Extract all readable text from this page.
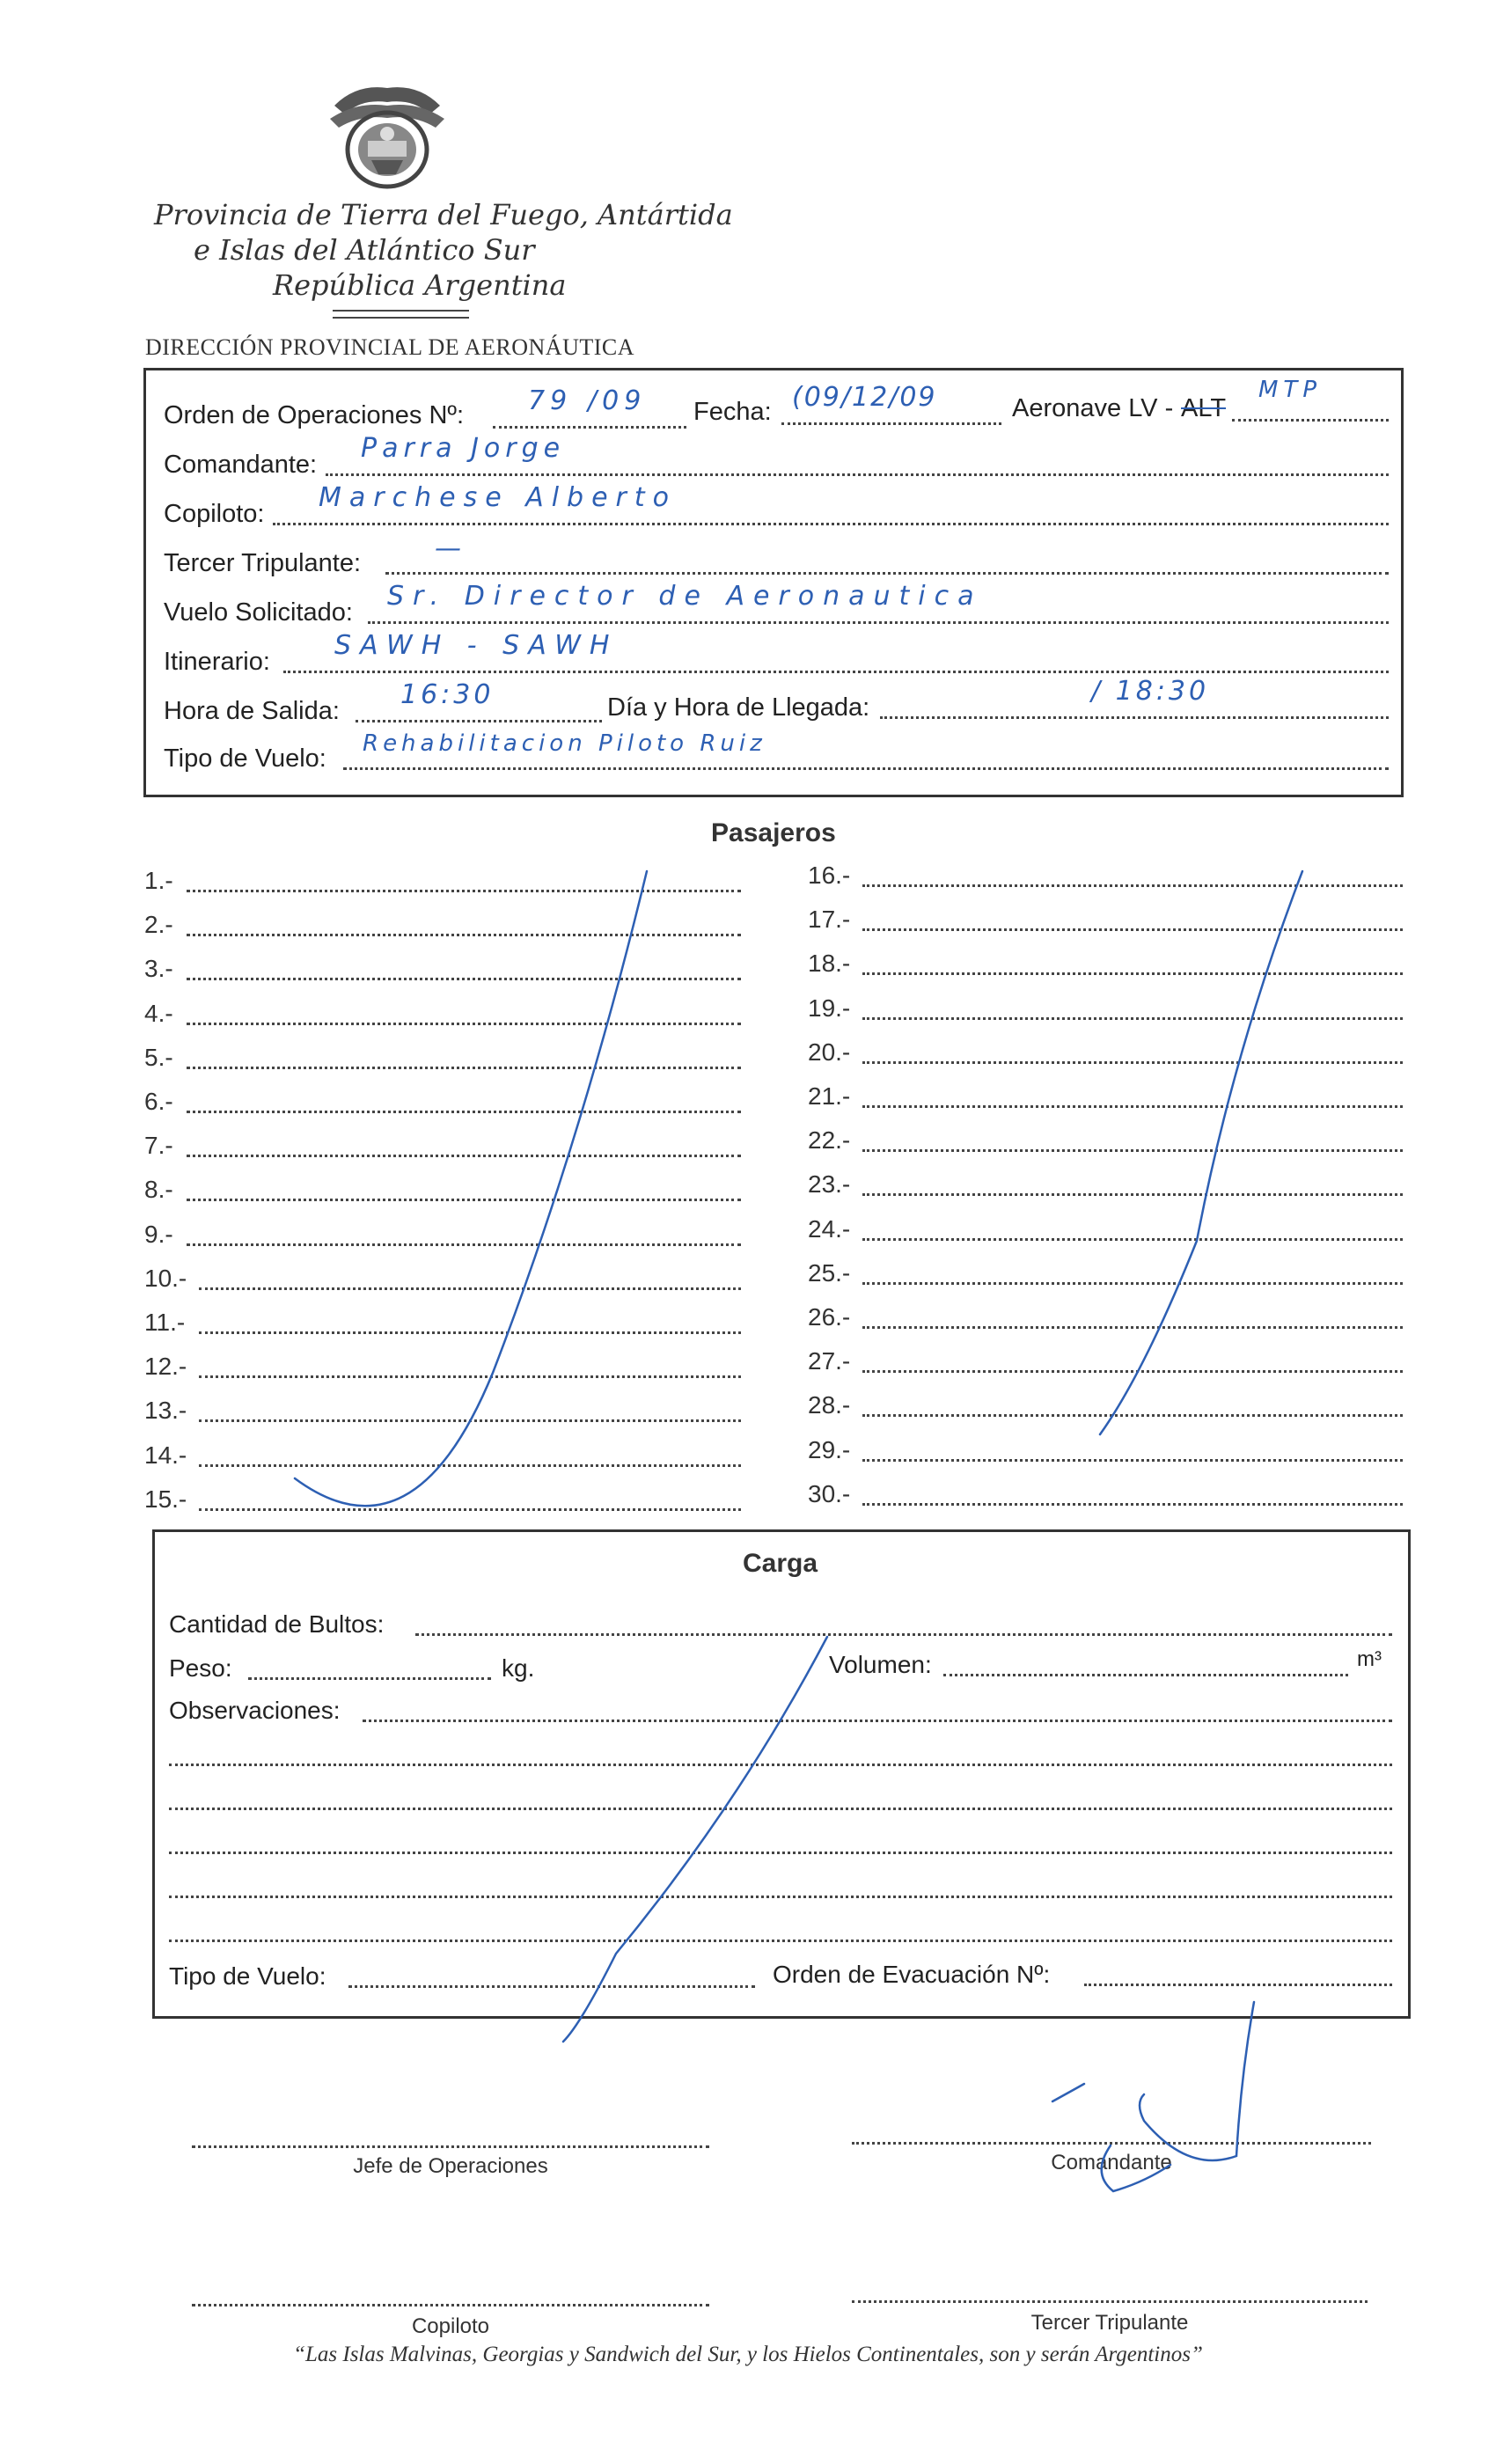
Provincia de Tierra del Fuego, Antártida
e Islas del Atlántico Sur
República Argentina
DIRECCIÓN PROVINCIAL DE AERONÁUTICA
Orden de Operaciones Nº: 79 /09 Fecha: (09/12/09	Aeronave LV - ALT
MTP
Comandante:
Parra Jorge
Copiloto:
Marchese Alberto
Tercer Tripulante:	—
Vuelo Solicitado:
Sr. Director de Aeronautica
Itinerario:
SAWH - SAWH
Hora de Salida:
16:30	Día y Hora de Llegada:
/ 18:30
Tipo de Vuelo:
Rehabilitacion Piloto Ruiz
Pasajeros
1.-
2.-
3.-
4.-
5.-
6.-
7.-
8.-
9.-
10.-
11.-
12.-
13.-
14.-
15.-
16.-
17.-
18.-
19.-
20.-
21.-
22.-
23.-
24.-
25.-
26.-
27.-
28.-
29.-
30.-
Carga
Cantidad de Bultos:
Peso:	kg.	Volumen:	m³
Observaciones:
Tipo de Vuelo:	Orden de Evacuación Nº:
Jefe de Operaciones	Comandante
Copiloto	Tercer Tripulante
“Las Islas Malvinas, Georgias y Sandwich del Sur, y los Hielos Continentales, son y serán Argentinos”
